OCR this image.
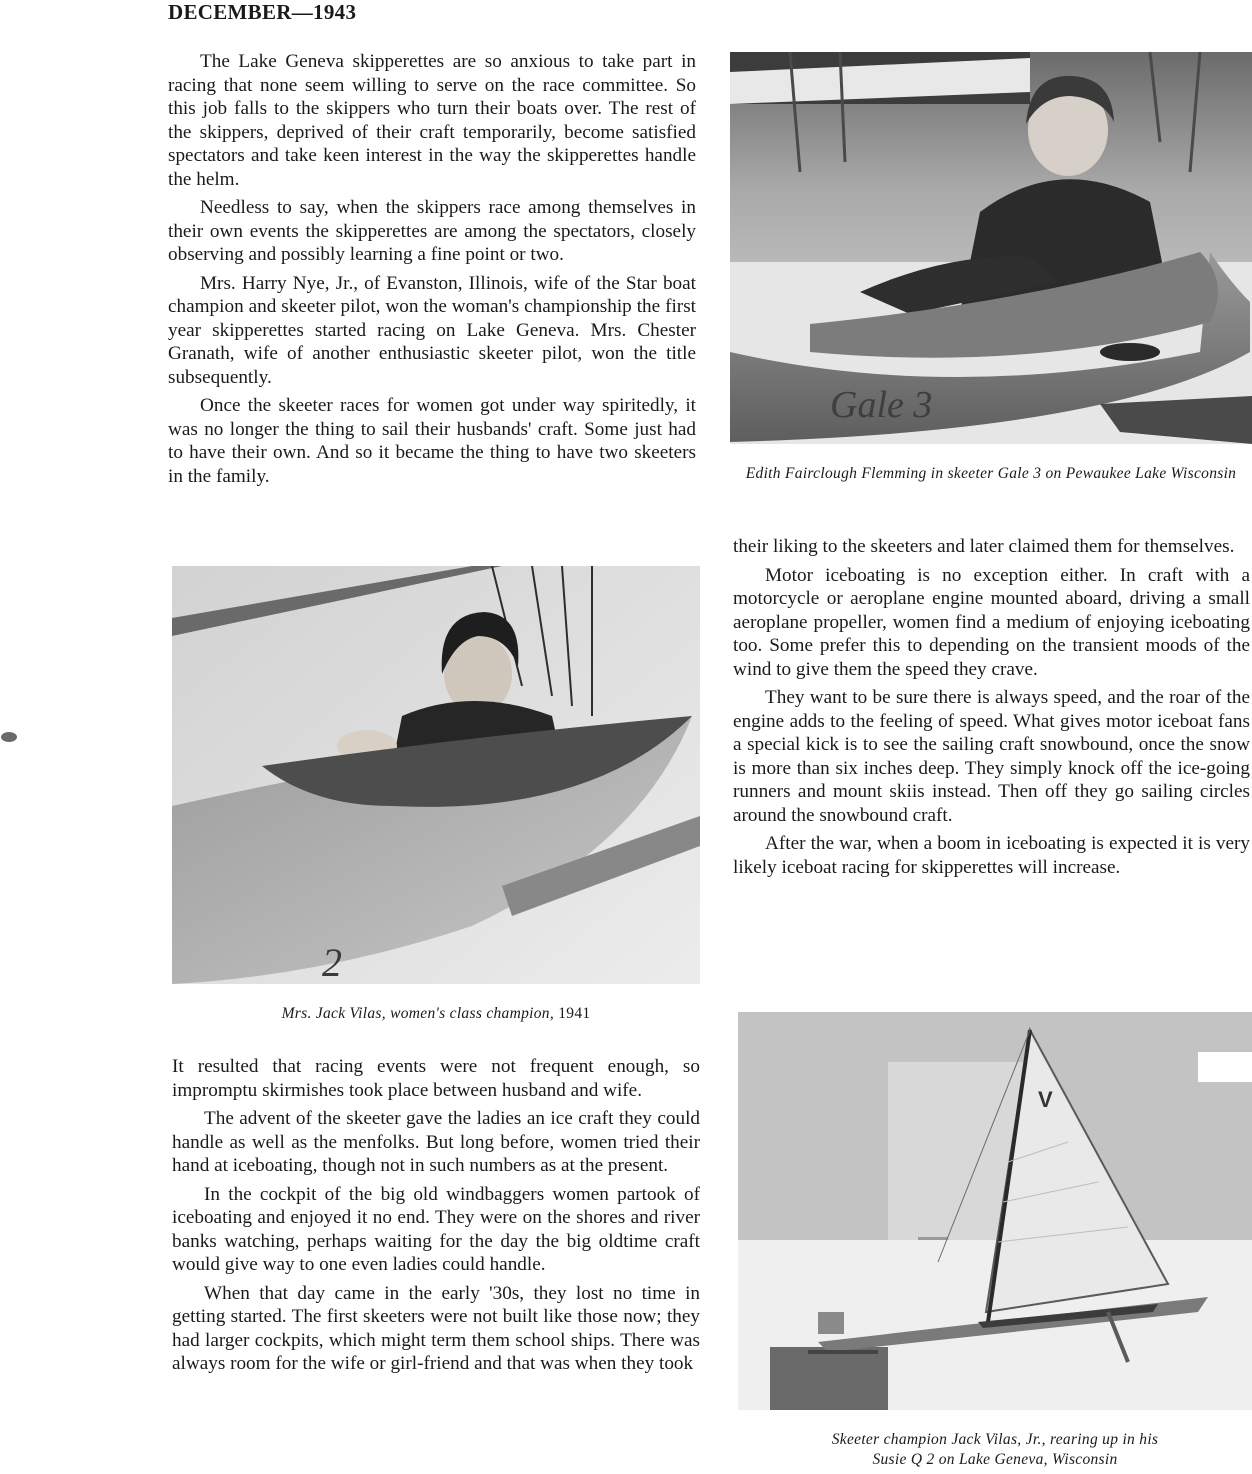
DECEMBER—1943

The Lake Geneva skipperettes are so anxious to take part in racing that none seem willing to serve on the race committee. So this job falls to the skippers who turn their boats over. The rest of the skippers, deprived of their craft temporarily, become satisfied spectators and take keen interest in the way the skipperettes handle the helm.

Needless to say, when the skippers race among themselves in their own events the skipperettes are among the spectators, closely observing and possibly learning a fine point or two.

Mrs. Harry Nye, Jr., of Evanston, Illinois, wife of the Star boat champion and skeeter pilot, won the woman's championship the first year skipperettes started racing on Lake Geneva. Mrs. Chester Granath, wife of another enthusiastic skeeter pilot, won the title subsequently.

Once the skeeter races for women got under way spiritedly, it was no longer the thing to sail their husbands' craft. Some just had to have their own. And so it became the thing to have two skeeters in the family.

Gale 3
Edith Fairclough Flemming in skeeter Gale 3 on Pewaukee Lake Wisconsin
2
Mrs. Jack Vilas, women's class champion, 1941

It resulted that racing events were not frequent enough, so impromptu skirmishes took place between husband and wife.

The advent of the skeeter gave the ladies an ice craft they could handle as well as the menfolks. But long before, women tried their hand at iceboating, though not in such numbers as at the present.

In the cockpit of the big old windbaggers women partook of iceboating and enjoyed it no end. They were on the shores and river banks watching, perhaps waiting for the day the big oldtime craft would give way to one even ladies could handle.

When that day came in the early '30s, they lost no time in getting started. The first skeeters were not built like those now; they had larger cockpits, which might term them school ships. There was always room for the wife or girl-friend and that was when they took

their liking to the skeeters and later claimed them for themselves.

Motor iceboating is no exception either. In craft with a motorcycle or aeroplane engine mounted aboard, driving a small aeroplane propeller, women find a medium of enjoying iceboating too. Some prefer this to depending on the transient moods of the wind to give them the speed they crave.

They want to be sure there is always speed, and the roar of the engine adds to the feeling of speed. What gives motor iceboat fans a special kick is to see the sailing craft snowbound, once the snow is more than six inches deep. They simply knock off the ice-going runners and mount skiis instead. Then off they go sailing circles around the snowbound craft.

After the war, when a boom in iceboating is expected it is very likely iceboat racing for skipperettes will increase.

V
Skeeter champion Jack Vilas, Jr., rearing up in his
Susie Q 2 on Lake Geneva, Wisconsin
